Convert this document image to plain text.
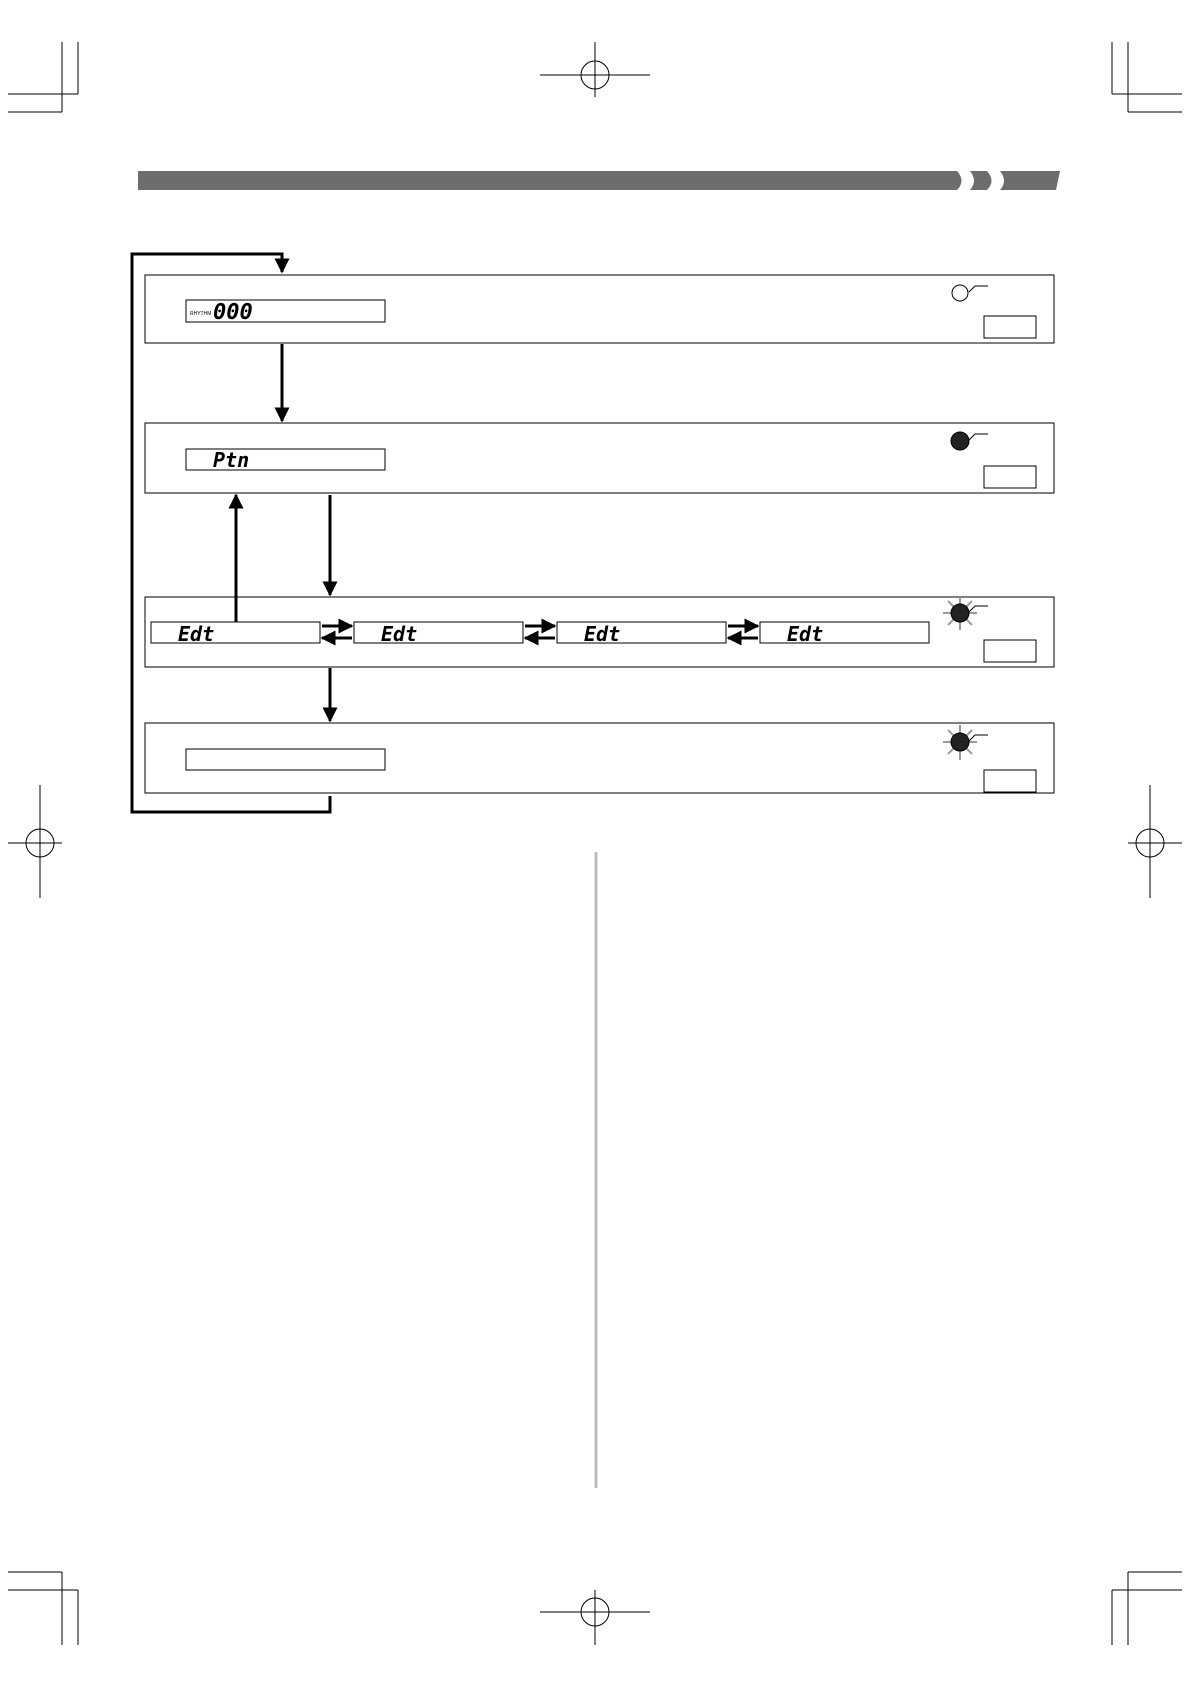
RHYTHM 000
Ptn
Edt	Edt	Edt	Edt
